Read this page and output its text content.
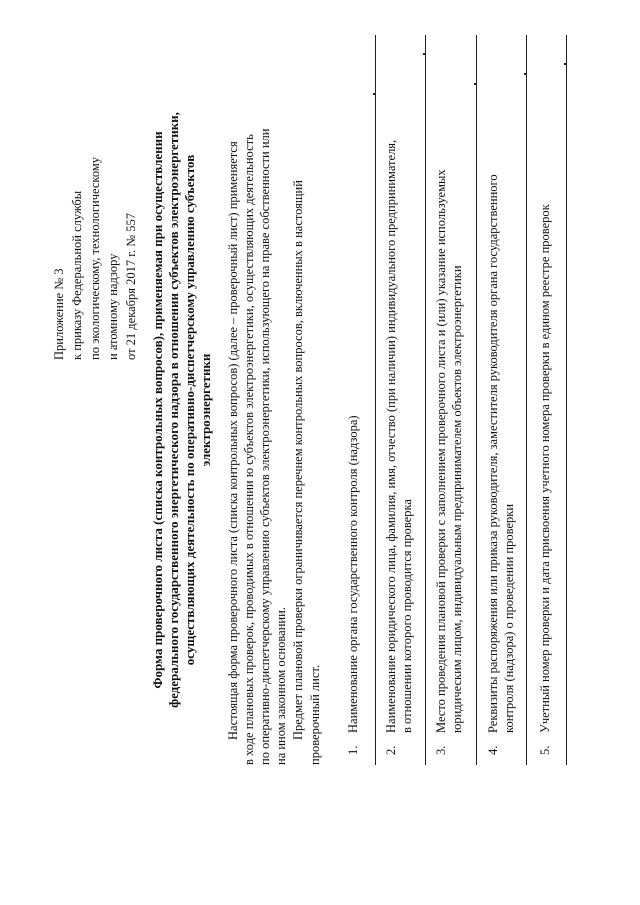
Приложение № 3 к приказу Федеральной службы по экологическому, технологическому и атомному надзору от 21 декабря 2017 г. № 557 Форма проверочного листа (списка контрольных вопросов), применяемая при осуществлении федерального государственного энергетического надзора в отношении субъектов электроэнергетики, осуществляющих деятельность по оперативно-диспетчерскому управлению субъектов электроэнергетики Настоящая форма проверочного листа (списка контрольных вопросов) (далее – проверочный лист) применяется в ходе плановых проверок, проводимых в отношении ю субъектов электроэнергетики, осуществляющих деятельность по оперативно-диспетчерскому управлению субъектов электроэнергетики, использующего на праве собственности или на ином законном основании. Предмет плановой проверки ограничивается перечнем контрольных вопросов, включенных в настоящий проверочный лист. 1.
Наименование органа государственного контроля (надзора)
2.
Наименование юридического лица, фамилия, имя, отчество (при наличии) индивидуального предпринимателя, в отношении которого проводится проверка
3.
Место проведения плановой проверки с заполнением проверочного листа и (или) указание используемых юридическим лицом, индивидуальным предпринимателем объектов электроэнергетики
4.
Реквизиты распоряжения или приказа руководителя, заместителя руководителя органа государственного контроля (надзора) о проведении проверки
5.
Учетный номер проверки и дата присвоения учетного номера проверки в едином реестре проверок
